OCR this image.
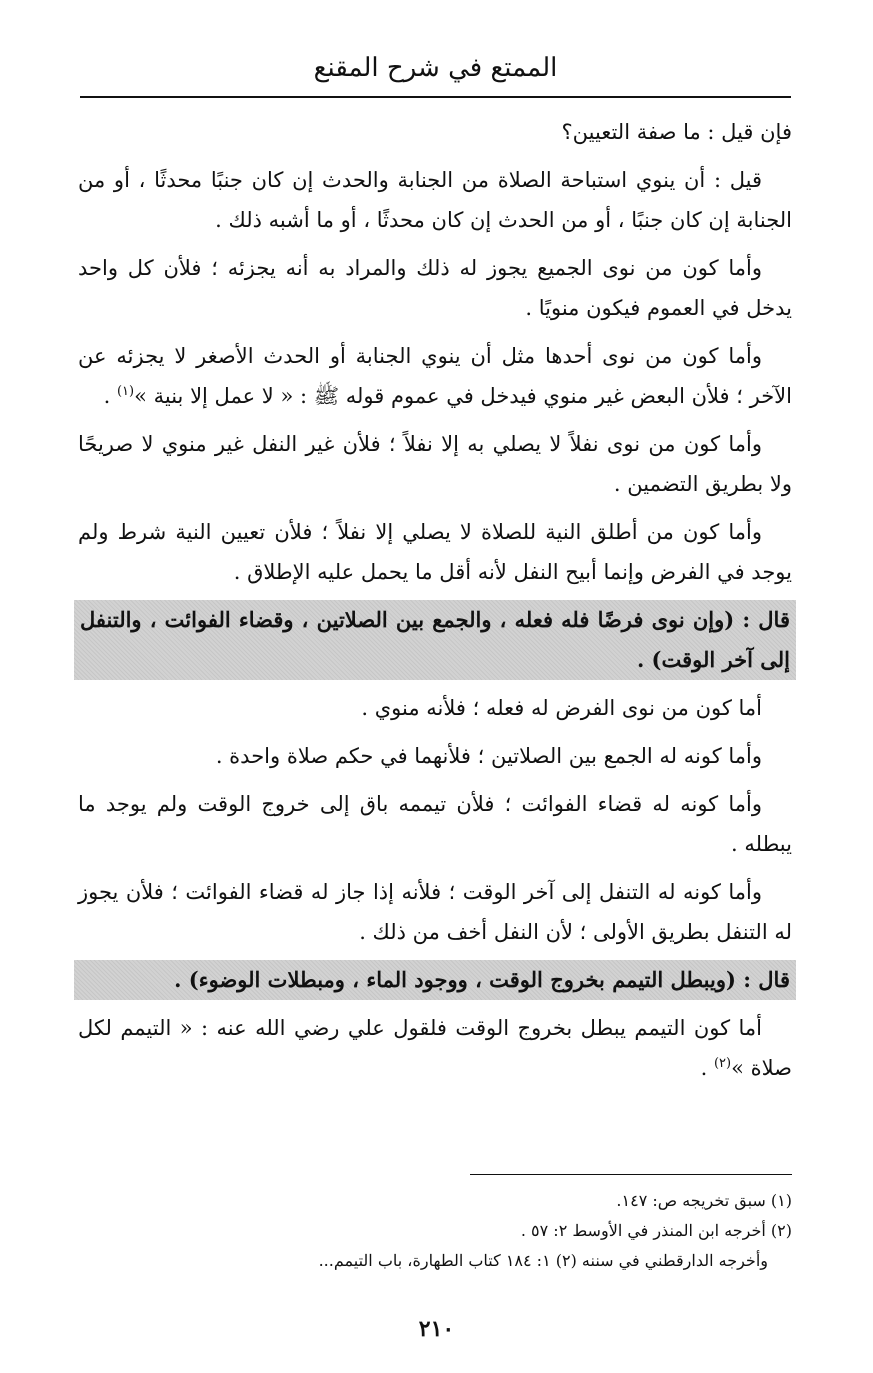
الممتع في شرح المقنع

فإن قيل : ما صفة التعيين؟

قيل : أن ينوي استباحة الصلاة من الجنابة والحدث إن كان جنبًا محدثًا ، أو من الجنابة إن كان جنبًا ، أو من الحدث إن كان محدثًا ، أو ما أشبه ذلك .

وأما كون من نوى الجميع يجوز له ذلك والمراد به أنه يجزئه ؛ فلأن كل واحد يدخل في العموم فيكون منويًا .

وأما كون من نوى أحدها مثل أن ينوي الجنابة أو الحدث الأصغر لا يجزئه عن الآخر ؛ فلأن البعض غير منوي فيدخل في عموم قوله ﷺ : « لا عمل إلا بنية »$^{(١)}$ .

وأما كون من نوى نفلاً لا يصلي به إلا نفلاً ؛ فلأن غير النفل غير منوي لا صريحًا ولا بطريق التضمين .

وأما كون من أطلق النية للصلاة لا يصلي إلا نفلاً ؛ فلأن تعيين النية شرط ولم يوجد في الفرض وإنما أبيح النفل لأنه أقل ما يحمل عليه الإطلاق .

قال : (وإن نوى فرضًا فله فعله ، والجمع بين الصلاتين ، وقضاء الفوائت ، والتنفل إلى آخر الوقت) .

أما كون من نوى الفرض له فعله ؛ فلأنه منوي .

وأما كونه له الجمع بين الصلاتين ؛ فلأنهما في حكم صلاة واحدة .

وأما كونه له قضاء الفوائت ؛ فلأن تيممه باق إلى خروج الوقت ولم يوجد ما يبطله .

وأما كونه له التنفل إلى آخر الوقت ؛ فلأنه إذا جاز له قضاء الفوائت ؛ فلأن يجوز له التنفل بطريق الأولى ؛ لأن النفل أخف من ذلك .

قال : (ويبطل التيمم بخروج الوقت ، ووجود الماء ، ومبطلات الوضوء) .

أما كون التيمم يبطل بخروج الوقت فلقول علي رضي الله عنه : « التيمم لكل صلاة »$^{(٢)}$ .

(١) سبق تخريجه ص: ١٤٧.

(٢) أخرجه ابن المنذر في الأوسط ٢: ٥٧ .

وأخرجه الدارقطني في سننه (٢) ١: ١٨٤ كتاب الطهارة، باب التيمم...

٢١٠
